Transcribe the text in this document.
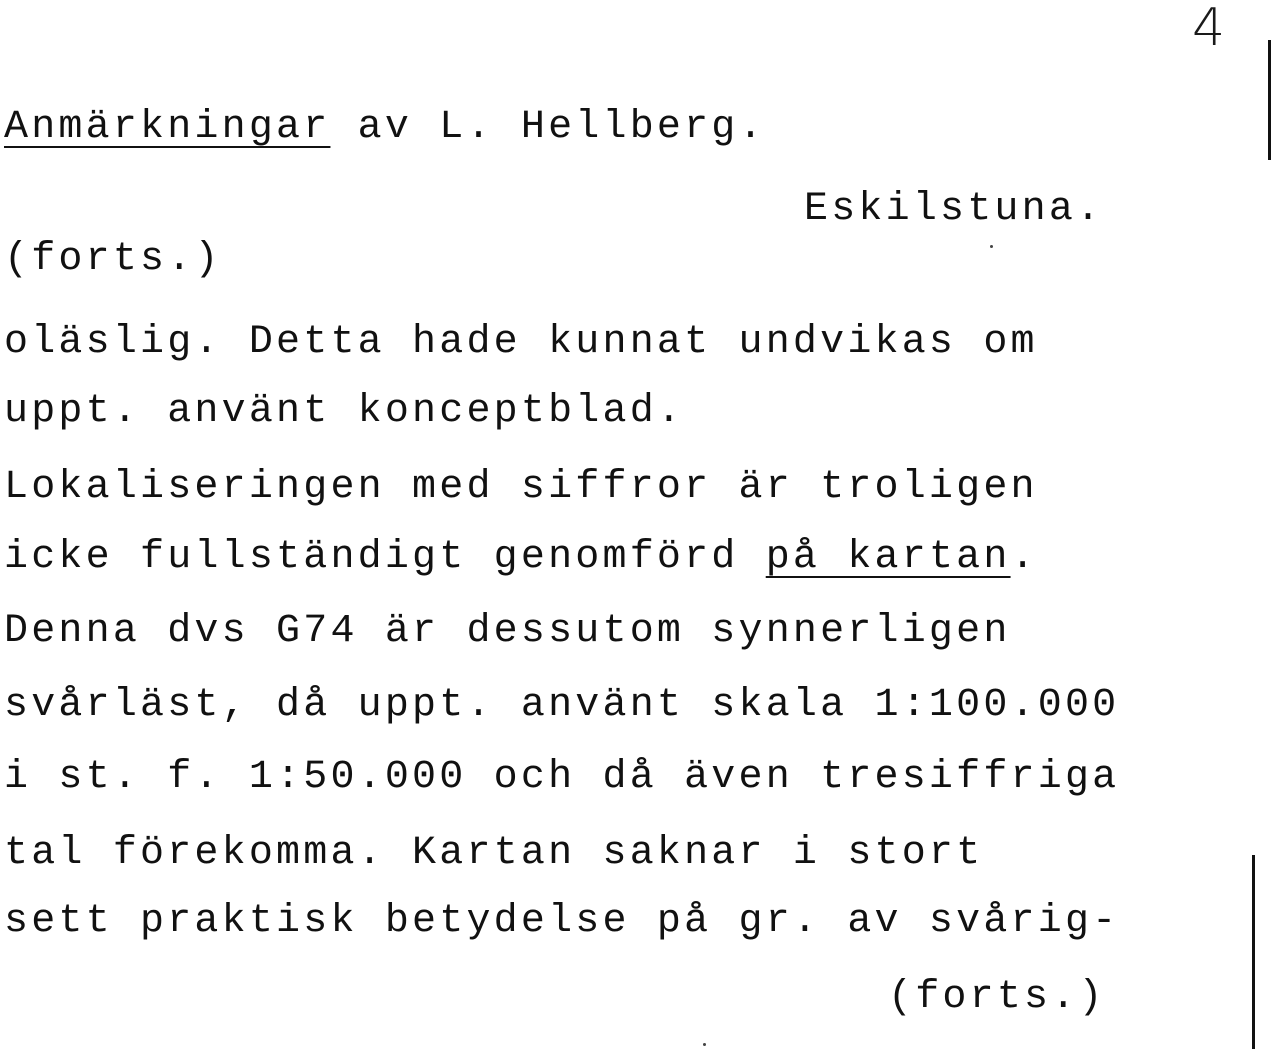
4
Anmärkningar av L. Hellberg.
Eskilstuna.
(forts.)
oläslig. Detta hade kunnat undvikas om
uppt. använt konceptblad.
Lokaliseringen med siffror är troligen
icke fullständigt genomförd på kartan.
Denna dvs G74 är dessutom synnerligen
svårläst, då uppt. använt skala 1:100.000
i st. f. 1:50.000 och då även tresiffriga
tal förekomma. Kartan saknar i stort
sett praktisk betydelse på gr. av svårig-
(forts.)
